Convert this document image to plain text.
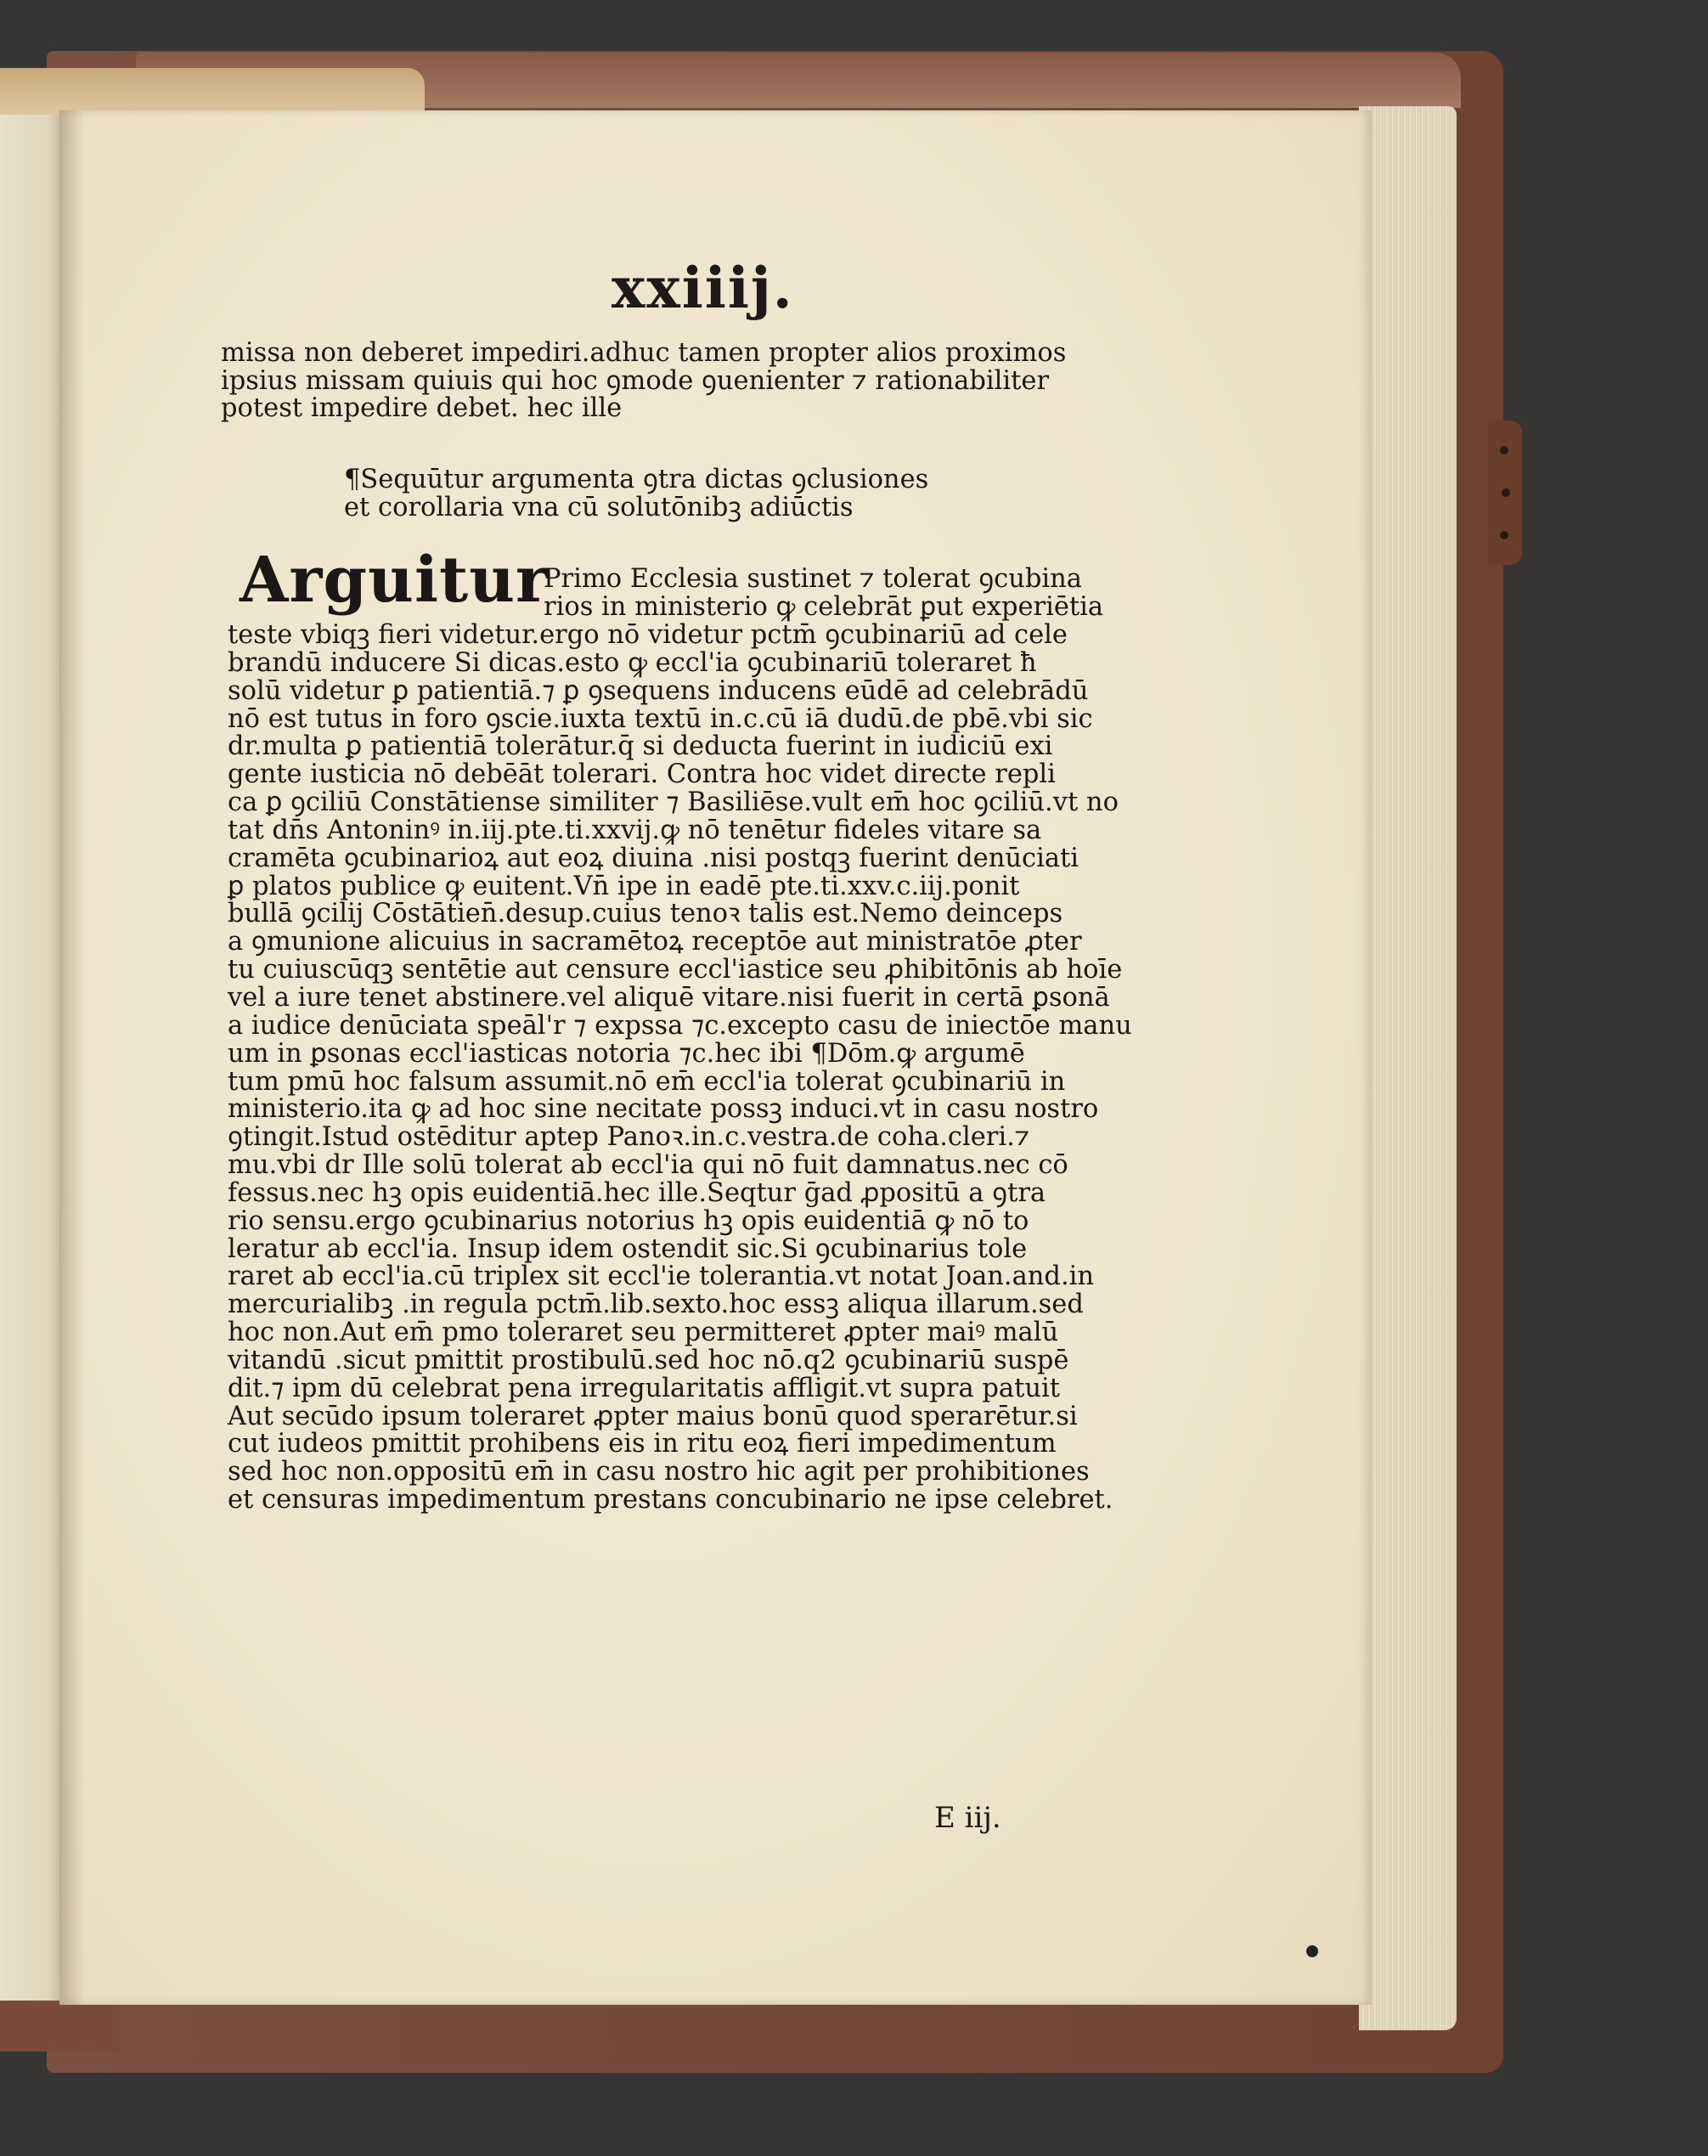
xxiiij.
missa non deberet impediri.adhuc tamen propter alios proximos
ipsius missam quiuis qui hoc ꝯmode ꝯuenienter ⁊ rationabiliter
potest impedire debet. hec ille
¶Sequūtur argumenta ꝯtra dictas ꝯclusiones
et corollaria vna cū solutōnibꝫ adiūctis
Arguitur
Primo Ecclesia sustinet ⁊ tolerat ꝯcubina
rios in ministerio ꝙ celebrāt ꝑut experiētia
teste vbiqꝫ fieri videtur.ergo nō videtur pctm̄ ꝯcubinariū ad cele
brandū inducere Si dicas.esto ꝙ eccl'ia ꝯcubinariū toleraret ħ
solū videtur ꝑ patientiā.⁊ ꝑ ꝯsequens inducens eūdē ad celebrādū
nō est tutus in foro ꝯscie.iuxta textū in.c.cū iā dudū.de pbē.vbi sic
dr.multa ꝑ patientiā tolerātur.q̄ si deducta fuerint in iudiciū exi
gente iusticia nō debēāt tolerari. Contra hoc videt directe repli
ca ꝑ ꝯciliū Constātiense similiter ⁊ Basiliēse.vult em̄ hoc ꝯciliū.vt no
tat dn̄s Antoninꝰ in.iij.pte.ti.xxvij.ꝙ nō tenētur fideles vitare sa
cramēta ꝯcubinarioꝝ aut eoꝝ diuina .nisi postqꝫ fuerint denūciati
ꝑ platos publice ꝙ euitent.Vn̄ ipe in eadē pte.ti.xxv.c.iij.ponit
bullā ꝯcilij Cōstātien̄.desup.cuius tenoꝛ talis est.Nemo deinceps
a ꝯmunione alicuius in sacramētoꝝ receptōe aut ministratōe ꝓter
tu cuiuscūqꝫ sentētie aut censure eccl'iastice seu ꝓhibitōnis ab hoīe
vel a iure tenet abstinere.vel aliquē vitare.nisi fuerit in certā ꝑsonā
a iudice denūciata speāl'r ⁊ expssa ⁊c.excepto casu de iniectōe manu
um in ꝑsonas eccl'iasticas notoria ⁊c.hec ibi ¶Dōm.ꝙ argumē
tum pmū hoc falsum assumit.nō em̄ eccl'ia tolerat ꝯcubinariū in
ministerio.ita ꝙ ad hoc sine necitate possꝫ induci.vt in casu nostro
ꝯtingit.Istud ostēditur aptep Panoꝛ.in.c.vestra.de coha.cleri.⁊
mu.vbi dr Ille solū tolerat ab eccl'ia qui nō fuit damnatus.nec cō
fessus.nec hꝫ opis euidentiā.hec ille.Seqtur ḡad ꝓpositū a ꝯtra
rio sensu.ergo ꝯcubinarius notorius hꝫ opis euidentiā ꝙ nō to
leratur ab eccl'ia. Insup idem ostendit sic.Si ꝯcubinarius tole
raret ab eccl'ia.cū triplex sit eccl'ie tolerantia.vt notat Joan.and.in
mercurialibꝫ .in regula pctm̄.lib.sexto.hoc essꝫ aliqua illarum.sed
hoc non.Aut em̄ pmo toleraret seu permitteret ꝓpter maiꝰ malū
vitandū .sicut pmittit prostibulū.sed hoc nō.q2 ꝯcubinariū suspē
dit.⁊ ipm dū celebrat pena irregularitatis affligit.vt supra patuit
Aut secūdo ipsum toleraret ꝓpter maius bonū quod sperarētur.si
cut iudeos pmittit prohibens eis in ritu eoꝝ fieri impedimentum
sed hoc non.oppositū em̄ in casu nostro hic agit per prohibitiones
et censuras impedimentum prestans concubinario ne ipse celebret.
E iij.
